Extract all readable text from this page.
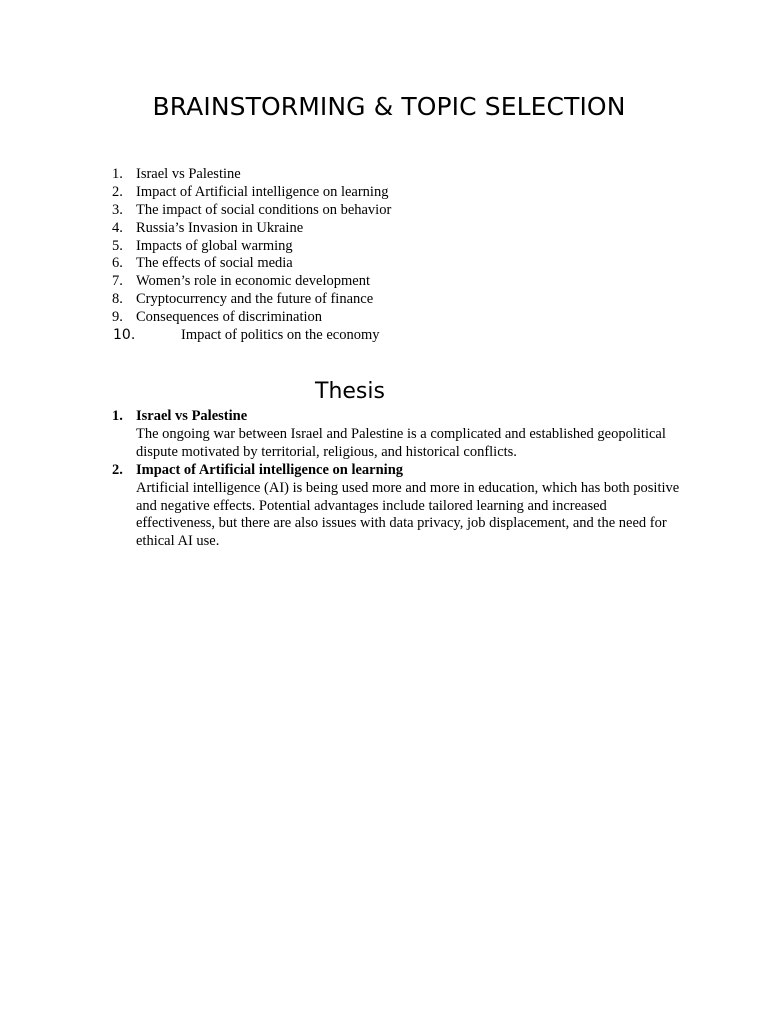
BRAINSTORMING & TOPIC SELECTION
1. Israel vs Palestine
2. Impact of Artificial intelligence on learning
3. The impact of social conditions on behavior
4. Russia’s Invasion in Ukraine
5. Impacts of global warming
6. The effects of social media
7. Women’s role in economic development
8. Cryptocurrency and the future of finance
9. Consequences of discrimination
10.	Impact of politics on the economy
Thesis
1. Israel vs Palestine
The ongoing war between Israel and Palestine is a complicated and established geopolitical dispute motivated by territorial, religious, and historical conflicts.
2. Impact of Artificial intelligence on learning
Artificial intelligence (AI) is being used more and more in education, which has both positive and negative effects. Potential advantages include tailored learning and increased effectiveness, but there are also issues with data privacy, job displacement, and the need for ethical AI use.
